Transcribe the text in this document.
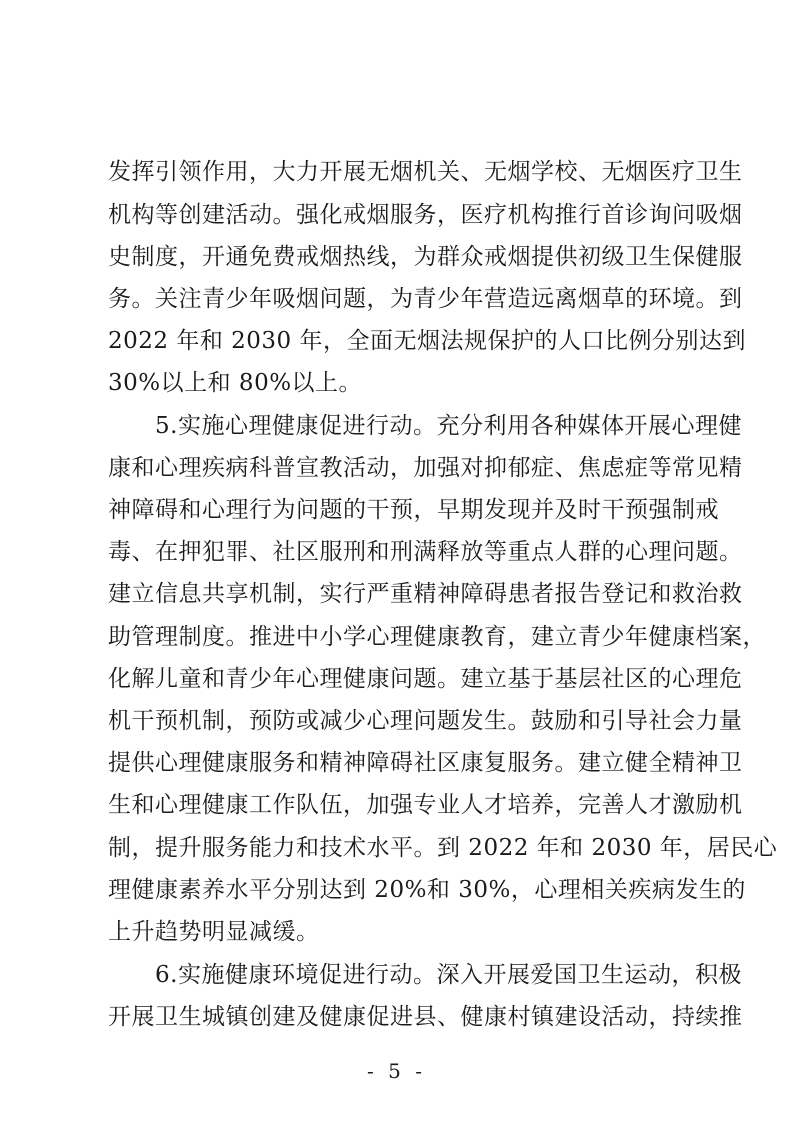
发挥引领作用，大力开展无烟机关、无烟学校、无烟医疗卫生
机构等创建活动。强化戒烟服务，医疗机构推行首诊询问吸烟
史制度，开通免费戒烟热线，为群众戒烟提供初级卫生保健服
务。关注青少年吸烟问题，为青少年营造远离烟草的环境。到
2022 年和 2030 年，全面无烟法规保护的人口比例分别达到
30%以上和 80%以上。
5.实施心理健康促进行动。充分利用各种媒体开展心理健
康和心理疾病科普宣教活动，加强对抑郁症、焦虑症等常见精
神障碍和心理行为问题的干预，早期发现并及时干预强制戒
毒、在押犯罪、社区服刑和刑满释放等重点人群的心理问题。
建立信息共享机制，实行严重精神障碍患者报告登记和救治救
助管理制度。推进中小学心理健康教育，建立青少年健康档案，
化解儿童和青少年心理健康问题。建立基于基层社区的心理危
机干预机制，预防或减少心理问题发生。鼓励和引导社会力量
提供心理健康服务和精神障碍社区康复服务。建立健全精神卫
生和心理健康工作队伍，加强专业人才培养，完善人才激励机
制，提升服务能力和技术水平。到 2022 年和 2030 年，居民心
理健康素养水平分别达到 20%和 30%，心理相关疾病发生的
上升趋势明显减缓。
6.实施健康环境促进行动。深入开展爱国卫生运动，积极
开展卫生城镇创建及健康促进县、健康村镇建设活动，持续推
- 5 -
